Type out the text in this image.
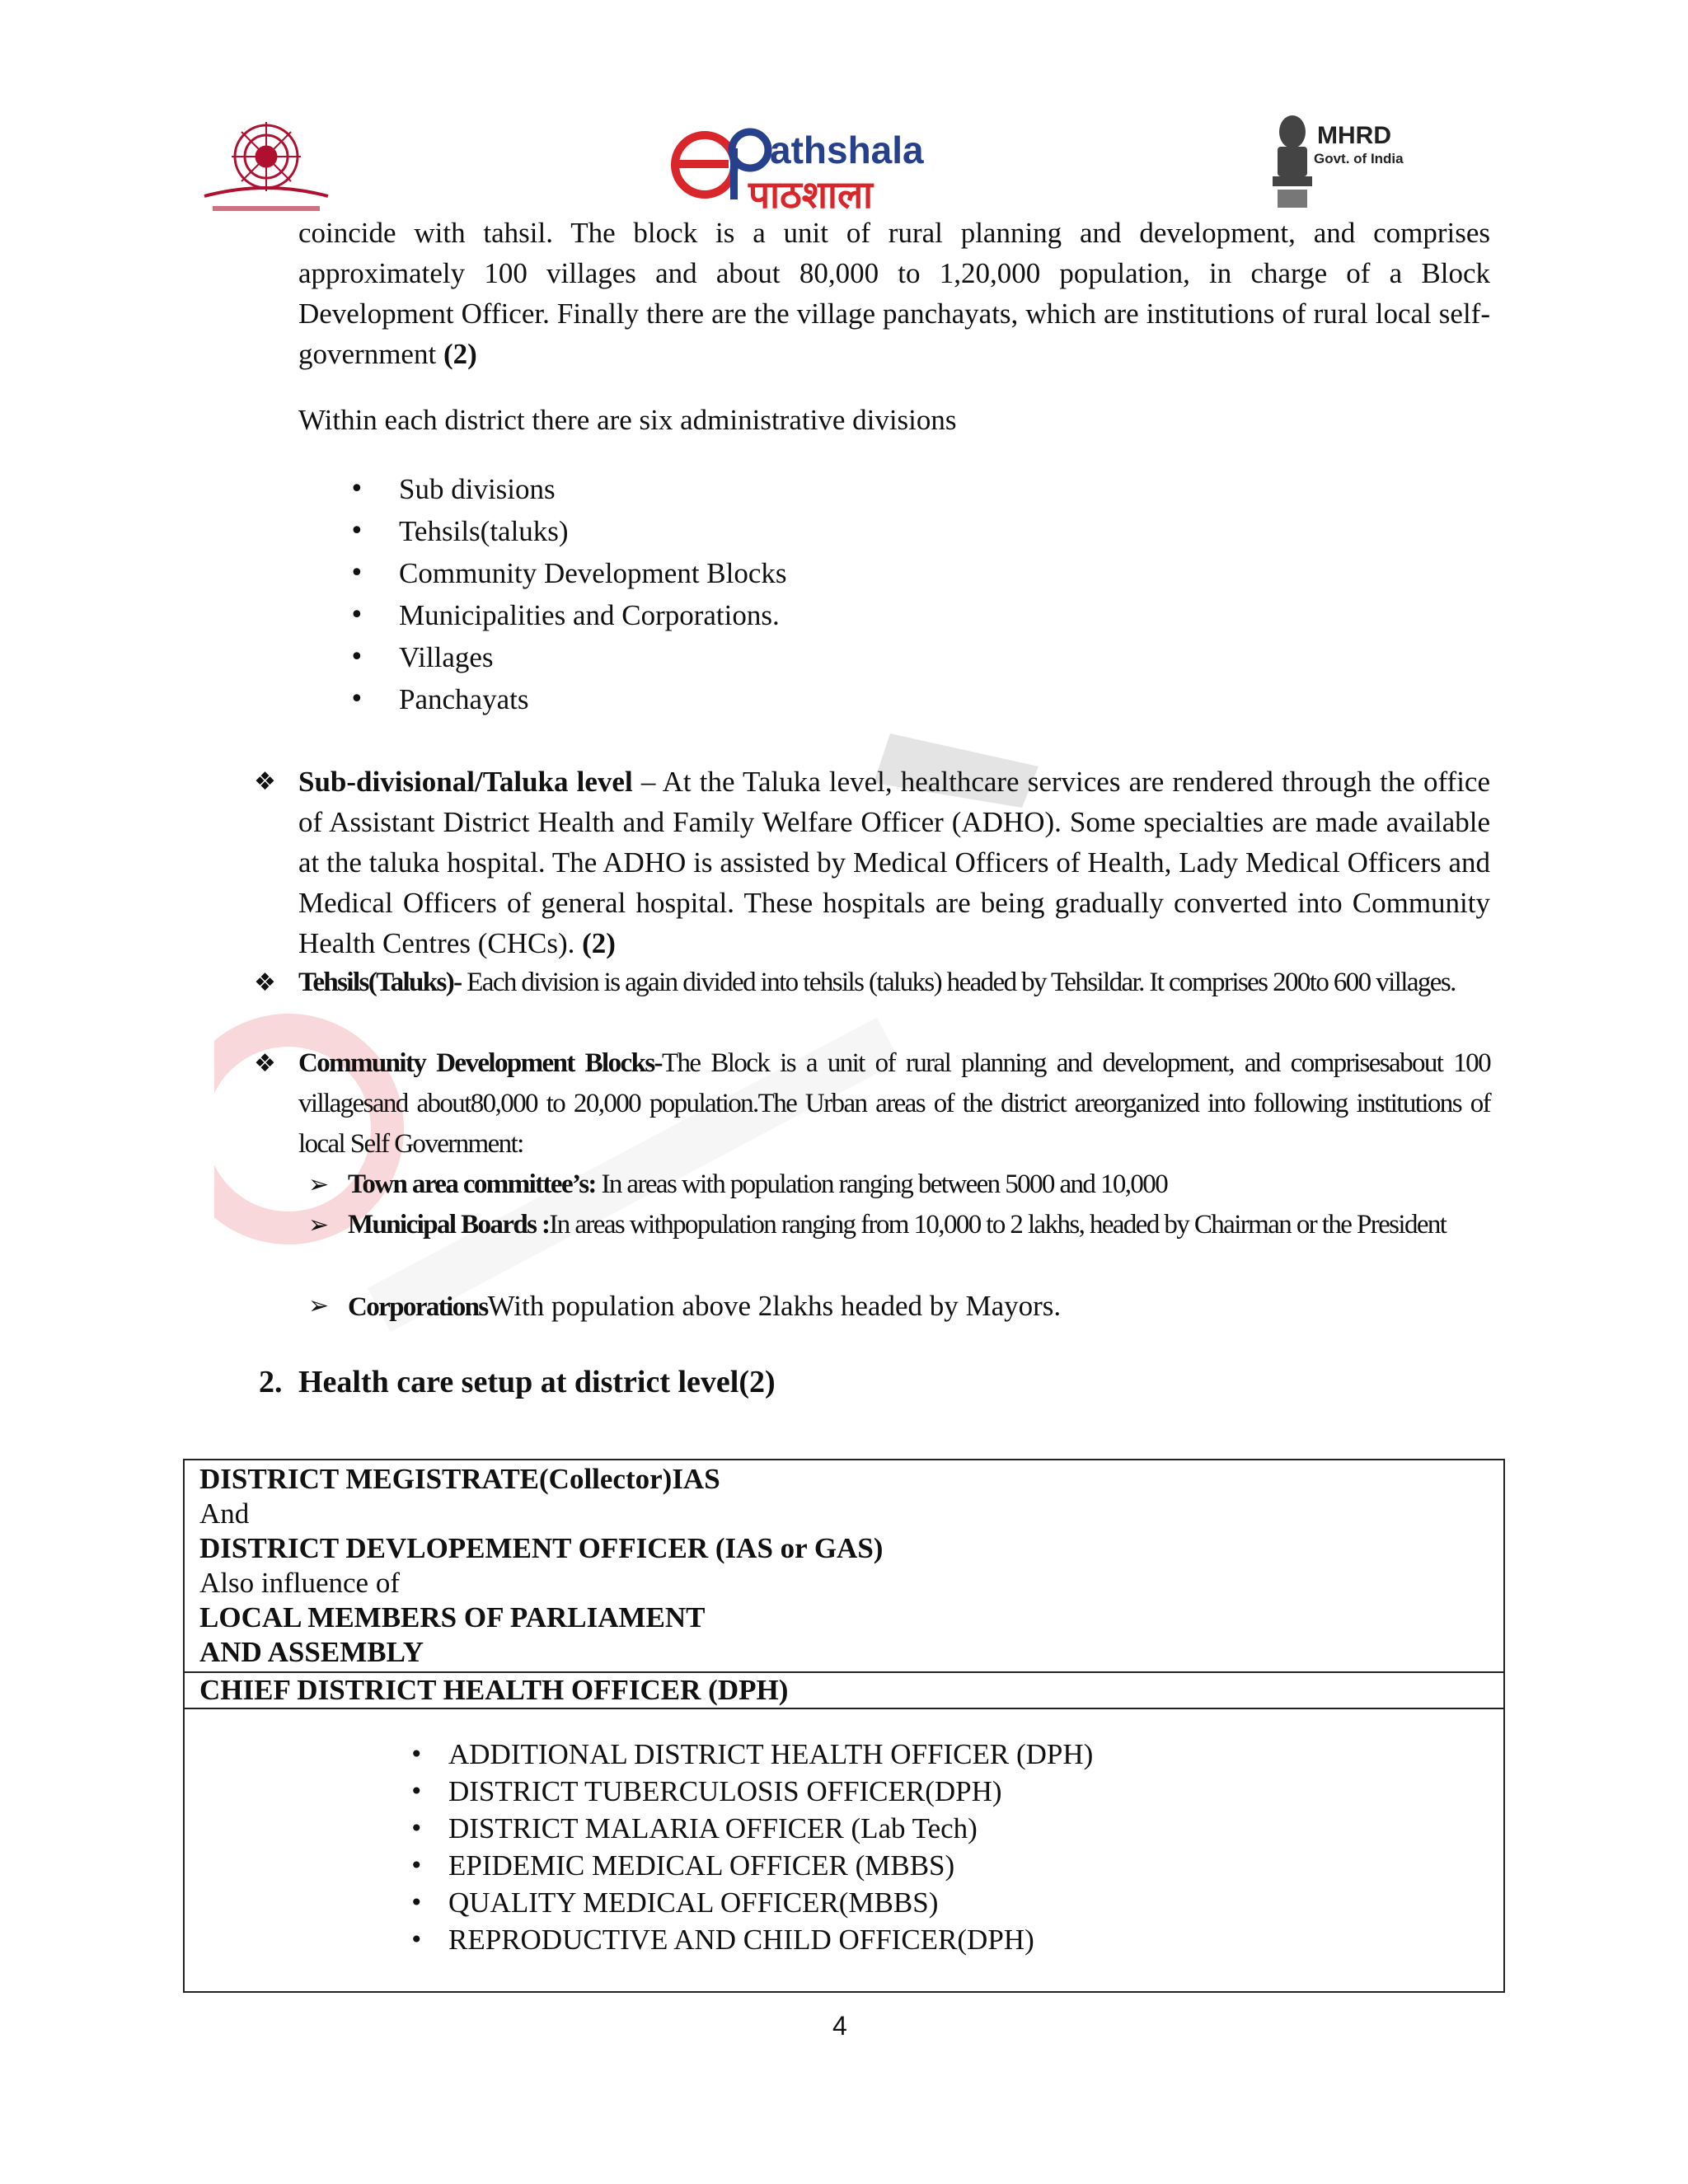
athshala
पाठशाला
MHRD
Govt. of India

coincide with tahsil. The block is a unit of rural planning and development, and comprises approximately 100 villages and about 80,000 to 1,20,000 population, in charge of a Block Development Officer. Finally there are the village panchayats, which are institutions of rural local self-government (2)

Within each district there are six administrative divisions

• Sub divisions
• Tehsils(taluks)
• Community Development Blocks
• Municipalities and Corporations.
• Villages
• Panchayats
❖ Sub-divisional/Taluka level – At the Taluka level, healthcare services are rendered through the office of Assistant District Health and Family Welfare Officer (ADHO). Some specialties are made available at the taluka hospital. The ADHO is assisted by Medical Officers of Health, Lady Medical Officers and Medical Officers of general hospital. These hospitals are being gradually converted into Community Health Centres (CHCs). (2)
❖ Tehsils(Taluks)- Each division is again divided into tehsils (taluks) headed by Tehsildar. It comprises 200to 600 villages.
❖ Community Development Blocks-The Block is a unit of rural planning and development, and comprisesabout 100 villagesand about80,000 to 20,000 population.The Urban areas of the district areorganized into following institutions of local Self Government:
➢ Town area committee’s: In areas with population ranging between 5000 and 10,000
➢ Municipal Boards :In areas withpopulation ranging from 10,000 to 2 lakhs, headed by Chairman or the President
➢ CorporationsWith population above 2lakhs headed by Mayors.
2. Health care setup at district level(2)
DISTRICT MEGISTRATE(Collector)IAS
And
DISTRICT DEVLOPEMENT OFFICER (IAS or GAS)
Also influence of
LOCAL MEMBERS OF PARLIAMENT
AND ASSEMBLY

CHIEF DISTRICT HEALTH OFFICER (DPH)

• ADDITIONAL DISTRICT HEALTH OFFICER (DPH)
• DISTRICT TUBERCULOSIS OFFICER(DPH)
• DISTRICT MALARIA OFFICER (Lab Tech)
• EPIDEMIC MEDICAL OFFICER (MBBS)
• QUALITY MEDICAL OFFICER(MBBS)
• REPRODUCTIVE AND CHILD OFFICER(DPH)
4
